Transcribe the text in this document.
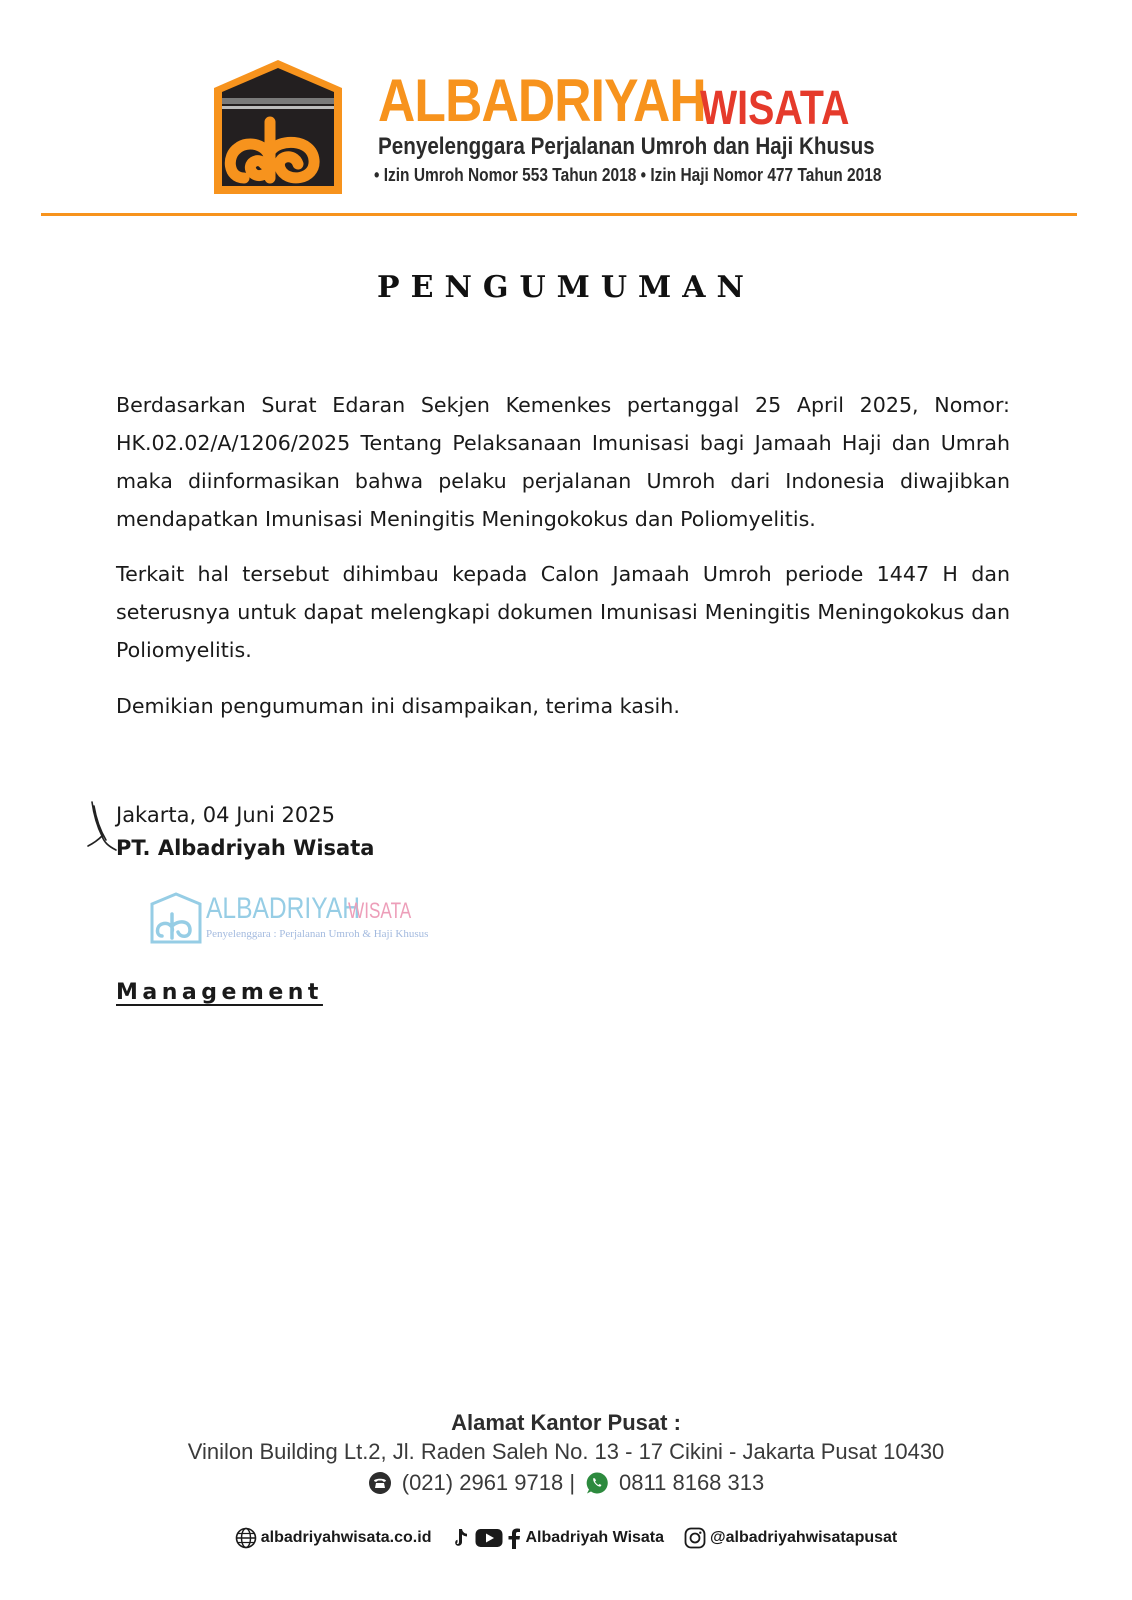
ALBADRIYAH
WISATA
Penyelenggara Perjalanan Umroh dan Haji Khusus
• Izin Umroh Nomor 553 Tahun 2018 • Izin Haji Nomor 477 Tahun 2018
PENGUMUMAN
Berdasarkan Surat Edaran Sekjen Kemenkes pertanggal 25 April 2025, Nomor: HK.02.02/A/1206/2025 Tentang Pelaksanaan Imunisasi bagi Jamaah Haji dan Umrah maka diinformasikan bahwa pelaku perjalanan Umroh dari Indonesia diwajibkan mendapatkan Imunisasi Meningitis Meningokokus dan Poliomyelitis.
Terkait hal tersebut dihimbau kepada Calon Jamaah Umroh periode 1447 H dan seterusnya untuk dapat melengkapi dokumen Imunisasi Meningitis Meningokokus dan Poliomyelitis.
Demikian pengumuman ini disampaikan, terima kasih.
Jakarta, 04 Juni 2025
PT. Albadriyah Wisata
ALBADRIYAH
WISATA
Penyelenggara : Perjalanan Umroh & Haji Khusus
Management
Alamat Kantor Pusat :
Vinilon Building Lt.2, Jl. Raden Saleh No. 13 - 17 Cikini - Jakarta Pusat 10430
(021) 2961 9718 | 0811 8168 313
albadriyahwisata.co.id	Albadriyah Wisata	@albadriyahwisatapusat
